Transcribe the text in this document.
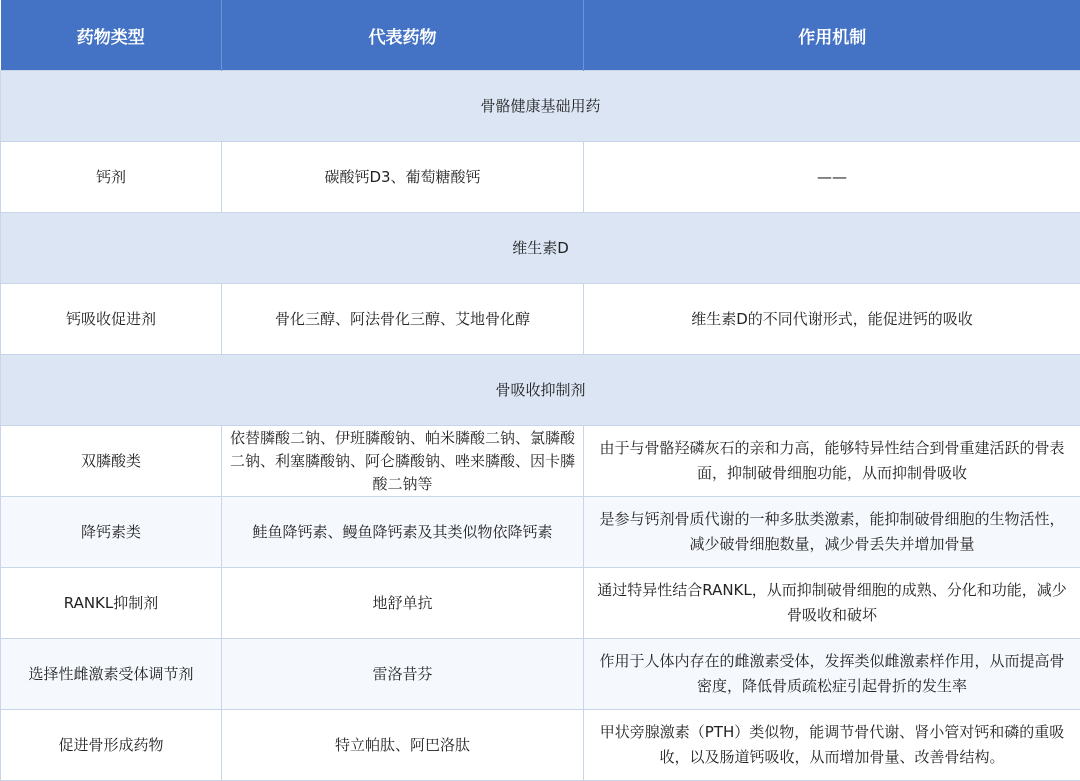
药物类型	代表药物	作用机制
骨骼健康基础用药		
钙剂	碳酸钙D3、葡萄糖酸钙	——
维生素D		
钙吸收促进剂	骨化三醇、阿法骨化三醇、艾地骨化醇	维生素D的不同代谢形式，能促进钙的吸收
骨吸收抑制剂		
双膦酸类	依替膦酸二钠、伊班膦酸钠、帕米膦酸二钠、氯膦酸二钠、利塞膦酸钠、阿仑膦酸钠、唑来膦酸、因卡膦酸二钠等	由于与骨骼羟磷灰石的亲和力高，能够特异性结合到骨重建活跃的骨表面，抑制破骨细胞功能，从而抑制骨吸收
降钙素类	鲑鱼降钙素、鳗鱼降钙素及其类似物依降钙素	是参与钙剂骨质代谢的一种多肽类激素，能抑制破骨细胞的生物活性，减少破骨细胞数量，减少骨丢失并增加骨量
RANKL抑制剂	地舒单抗	通过特异性结合RANKL，从而抑制破骨细胞的成熟、分化和功能，减少骨吸收和破坏
选择性雌激素受体调节剂	雷洛昔芬	作用于人体内存在的雌激素受体，发挥类似雌激素样作用，从而提高骨密度，降低骨质疏松症引起骨折的发生率
促进骨形成药物	特立帕肽、阿巴洛肽	甲状旁腺激素（PTH）类似物，能调节骨代谢、肾小管对钙和磷的重吸收，以及肠道钙吸收，从而增加骨量、改善骨结构。
